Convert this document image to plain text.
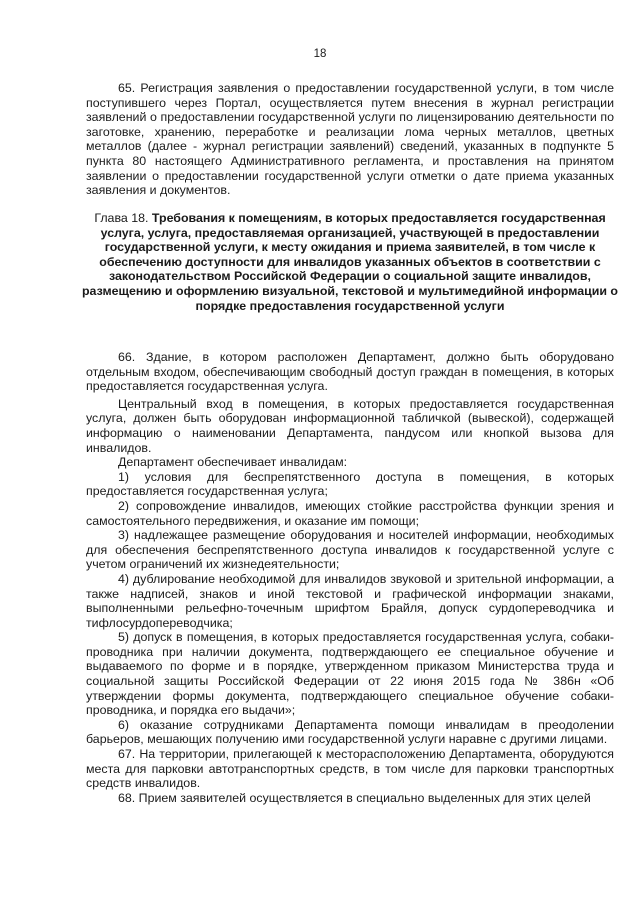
18

65. Регистрация заявления о предоставлении государственной услуги, в том числе поступившего через Портал, осуществляется путем внесения в журнал регистрации заявлений о предоставлении государственной услуги по лицензированию деятельности по заготовке, хранению, переработке и реализации лома черных металлов, цветных металлов (далее - журнал регистрации заявлений) сведений, указанных в подпункте 5 пункта 80 настоящего Административного регламента, и проставления на принятом заявлении о предоставлении государственной услуги отметки о дате приема указанных заявления и документов.

Глава 18. Требования к помещениям, в которых предоставляется государственная услуга, услуга, предоставляемая организацией, участвующей в предоставлении государственной услуги, к месту ожидания и приема заявителей, в том числе к обеспечению доступности для инвалидов указанных объектов в соответствии с законодательством Российской Федерации о социальной защите инвалидов, размещению и оформлению визуальной, текстовой и мультимедийной информации о порядке предоставления государственной услуги

66. Здание, в котором расположен Департамент, должно быть оборудовано отдельным входом, обеспечивающим свободный доступ граждан в помещения, в которых предоставляется государственная услуга.

Центральный вход в помещения, в которых предоставляется государственная услуга, должен быть оборудован информационной табличкой (вывеской), содержащей информацию о наименовании Департамента, пандусом или кнопкой вызова для инвалидов.

Департамент обеспечивает инвалидам:

1) условия для беспрепятственного доступа в помещения, в которых предоставляется государственная услуга;

2) сопровождение инвалидов, имеющих стойкие расстройства функции зрения и самостоятельного передвижения, и оказание им помощи;

3) надлежащее размещение оборудования и носителей информации, необходимых для обеспечения беспрепятственного доступа инвалидов к государственной услуге с учетом ограничений их жизнедеятельности;

4) дублирование необходимой для инвалидов звуковой и зрительной информации, а также надписей, знаков и иной текстовой и графической информации знаками, выполненными рельефно-точечным шрифтом Брайля, допуск сурдопереводчика и тифлосурдопереводчика;

5) допуск в помещения, в которых предоставляется государственная услуга, собаки-проводника при наличии документа, подтверждающего ее специальное обучение и выдаваемого по форме и в порядке, утвержденном приказом Министерства труда и социальной защиты Российской Федерации от 22 июня 2015 года № 386н «Об утверждении формы документа, подтверждающего специальное обучение собаки-проводника, и порядка его выдачи»;

6) оказание сотрудниками Департамента помощи инвалидам в преодолении барьеров, мешающих получению ими государственной услуги наравне с другими лицами.

67. На территории, прилегающей к месторасположению Департамента, оборудуются места для парковки автотранспортных средств, в том числе для парковки транспортных средств инвалидов.

68. Прием заявителей осуществляется в специально выделенных для этих целей
